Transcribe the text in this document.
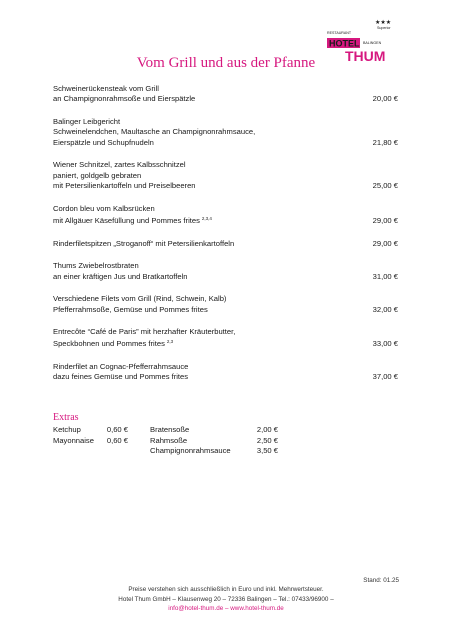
RESTAURANT
★★★
Superior
HOTEL BALINGEN
THUM
Vom Grill und aus der Pfanne
Schweinerückensteak vom Grill
an Champignonrahmsoße und Eierspätzle	20,00 €
Balinger Leibgericht
Schweinelendchen, Maultasche an Champignonrahmsauce,
Eierspätzle und Schupfnudeln	21,80 €
Wiener Schnitzel, zartes Kalbsschnitzel
paniert, goldgelb gebraten
mit Petersilienkartoffeln und Preiselbeeren	25,00 €
Cordon bleu vom Kalbsrücken
mit Allgäuer Käsefüllung und Pommes frites $^{2,3,4}$	29,00 €
Rinderfiletspitzen „Stroganoff“ mit Petersilienkartoffeln	29,00 €
Thums Zwiebelrostbraten
an einer kräftigen Jus und Bratkartoffeln	31,00 €
Verschiedene Filets vom Grill (Rind, Schwein, Kalb)
Pfefferrahmsoße, Gemüse und Pommes frites	32,00 €
Entrecôte “Café de Paris” mit herzhafter Kräuterbutter,
Speckbohnen und Pommes frites $^{2,3}$	33,00 €
Rinderfilet an Cognac-Pfefferrahmsauce
dazu feines Gemüse und Pommes frites	37,00 €
Extras
Ketchup	0,60 €
Mayonnaise 0,60 €
Bratensoße	2,00 €
Rahmsoße	2,50 €
Champignonrahmsauce	3,50 €
Stand: 01.25
Preise verstehen sich ausschließlich in Euro und inkl. Mehrwertsteuer.
Hotel Thum GmbH – Klausenweg 20 – 72336 Balingen – Tel.: 07433/96900 –
info@hotel-thum.de – www.hotel-thum.de
